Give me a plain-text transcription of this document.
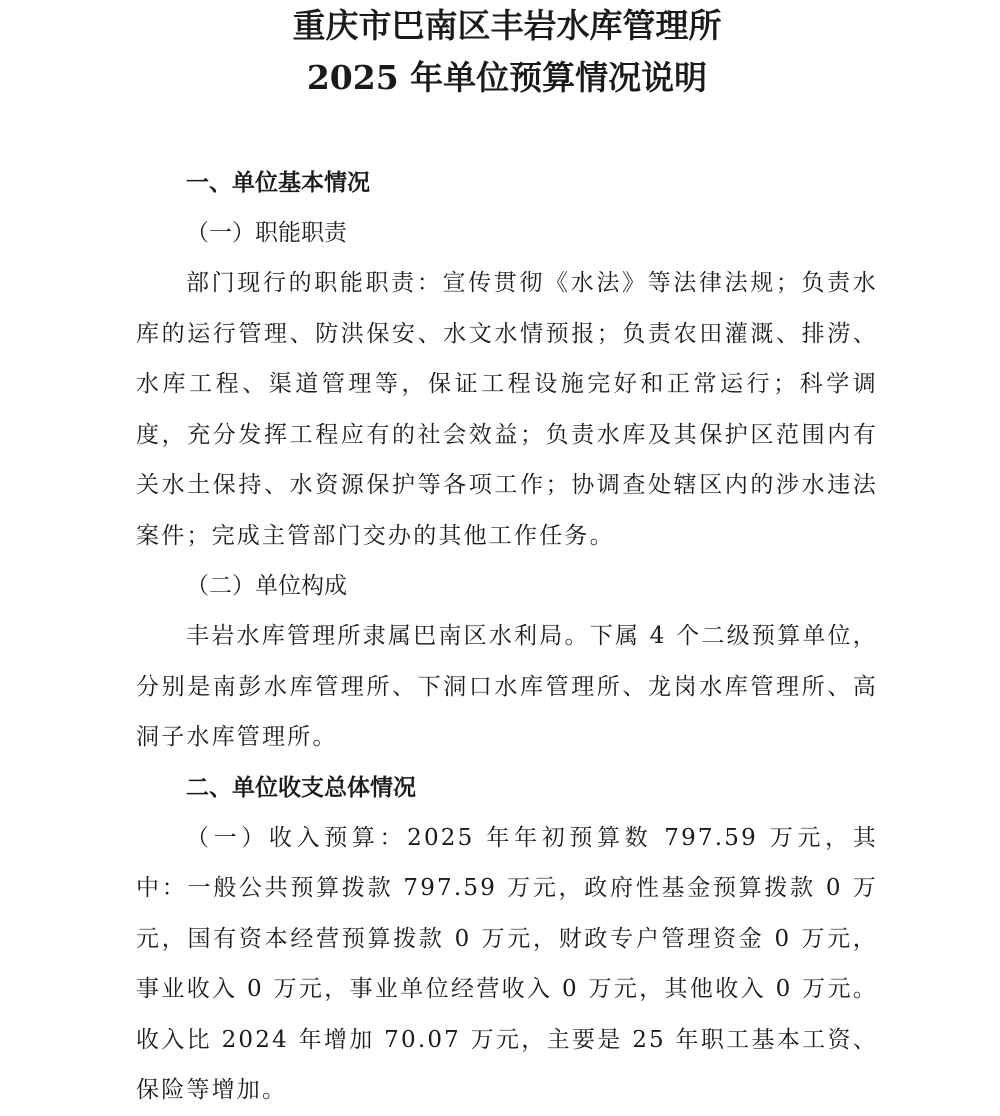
重庆市巴南区丰岩水库管理所
2025 年单位预算情况说明

一、单位基本情况

（一）职能职责

部门现行的职能职责：宣传贯彻《水法》等法律法规；负责水库的运行管理、防洪保安、水文水情预报；负责农田灌溉、排涝、水库工程、渠道管理等，保证工程设施完好和正常运行；科学调度，充分发挥工程应有的社会效益；负责水库及其保护区范围内有关水土保持、水资源保护等各项工作；协调查处辖区内的涉水违法案件；完成主管部门交办的其他工作任务。

（二）单位构成

丰岩水库管理所隶属巴南区水利局。下属 4 个二级预算单位，分别是南彭水库管理所、下洞口水库管理所、龙岗水库管理所、高洞子水库管理所。

二、单位收支总体情况

（一）收入预算：2025 年年初预算数 797.59 万元，其中：一般公共预算拨款 797.59 万元，政府性基金预算拨款 0 万元，国有资本经营预算拨款 0 万元，财政专户管理资金 0 万元，事业收入 0 万元，事业单位经营收入 0 万元，其他收入 0 万元。收入比 2024 年增加 70.07 万元，主要是 25 年职工基本工资、保险等增加。
